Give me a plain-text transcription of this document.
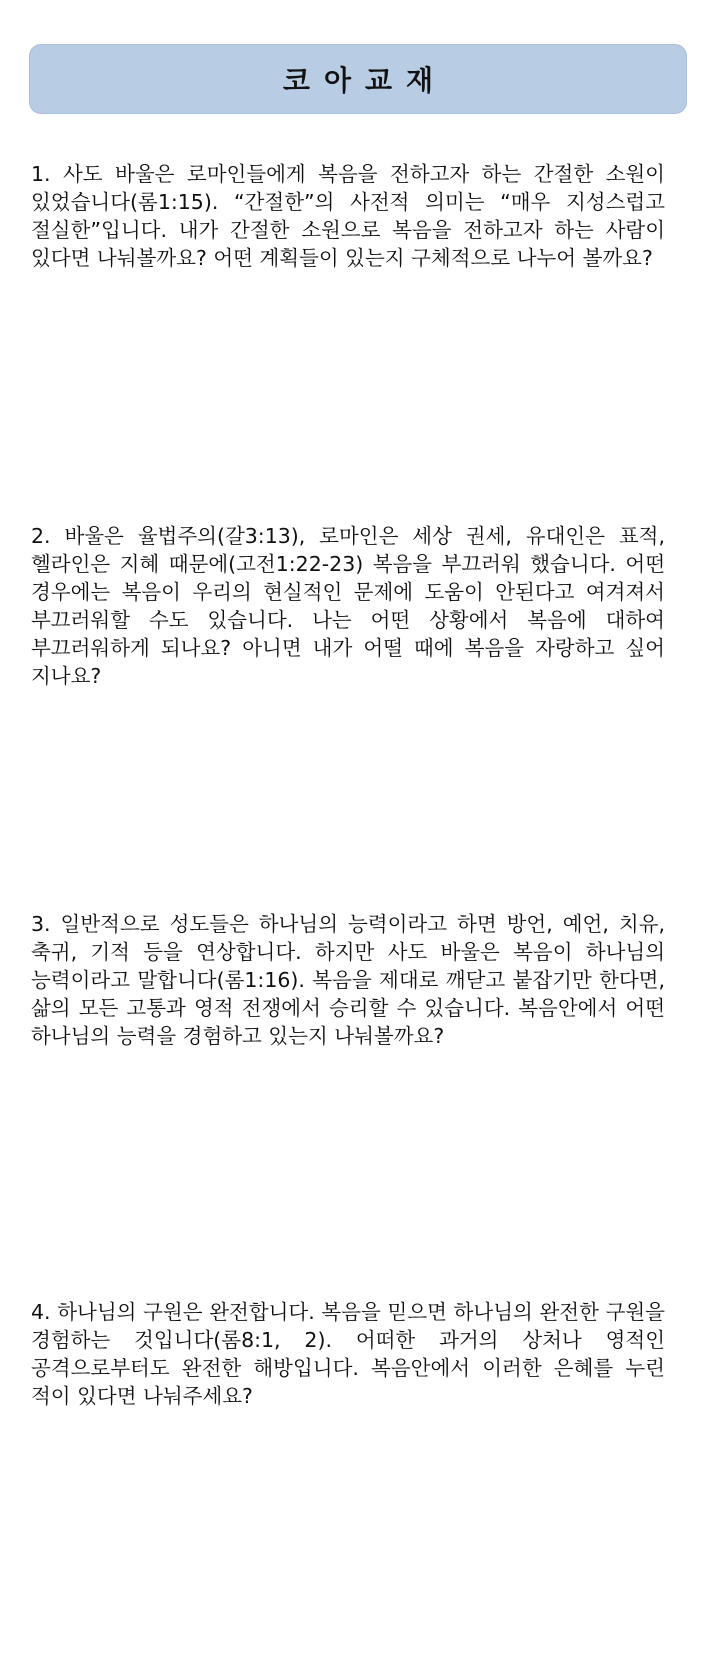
코아교재

1. 사도 바울은 로마인들에게 복음을 전하고자 하는 간절한 소원이 있었습니다(롬1:15). “간절한”의 사전적 의미는 “매우 지성스럽고 절실한”입니다. 내가 간절한 소원으로 복음을 전하고자 하는 사람이 있다면 나눠볼까요? 어떤 계획들이 있는지 구체적으로 나누어 볼까요?

2. 바울은 율법주의(갈3:13), 로마인은 세상 권세, 유대인은 표적, 헬라인은 지혜 때문에(고전1:22-23) 복음을 부끄러워 했습니다. 어떤 경우에는 복음이 우리의 현실적인 문제에 도움이 안된다고 여겨져서 부끄러워할 수도 있습니다. 나는 어떤 상황에서 복음에 대하여 부끄러워하게 되나요? 아니면 내가 어떨 때에 복음을 자랑하고 싶어 지나요?

3. 일반적으로 성도들은 하나님의 능력이라고 하면 방언, 예언, 치유, 축귀, 기적 등을 연상합니다. 하지만 사도 바울은 복음이 하나님의 능력이라고 말합니다(롬1:16). 복음을 제대로 깨닫고 붙잡기만 한다면, 삶의 모든 고통과 영적 전쟁에서 승리할 수 있습니다. 복음안에서 어떤 하나님의 능력을 경험하고 있는지 나눠볼까요?

4. 하나님의 구원은 완전합니다. 복음을 믿으면 하나님의 완전한 구원을 경험하는 것입니다(롬8:1, 2). 어떠한 과거의 상처나 영적인 공격으로부터도 완전한 해방입니다. 복음안에서 이러한 은혜를 누린 적이 있다면 나눠주세요?
